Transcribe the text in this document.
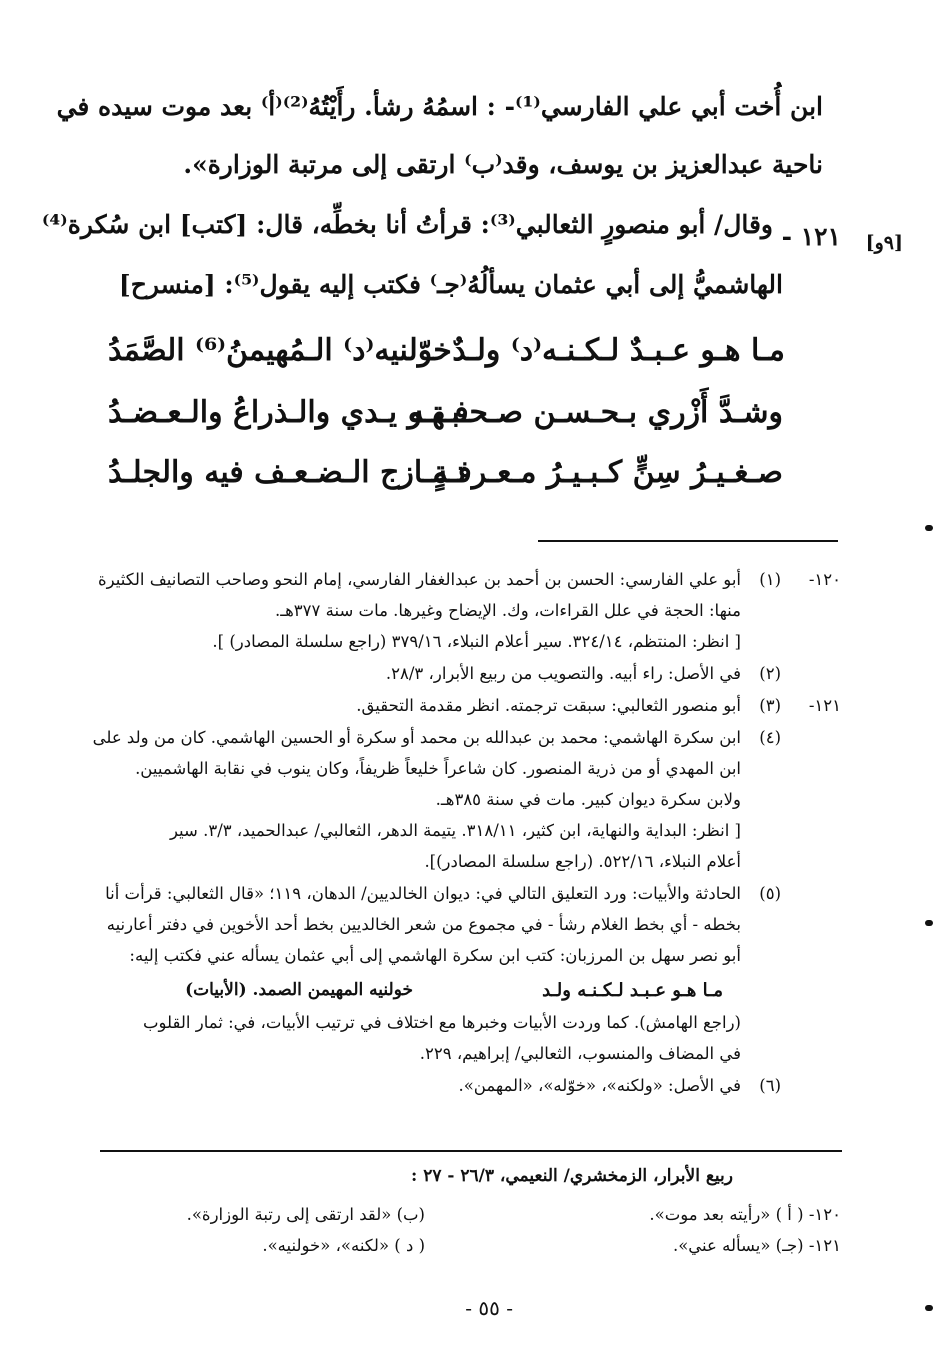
ابن أُخت أبي علي الفارسي⁽¹⁾- : اسمُهُ رشأ. رأَيْتُهُ⁽²⁾⁽أ⁾ بعد موت سيده في
ناحية عبدالعزيز بن يوسف، وقد⁽ب⁾ ارتقى إلى مرتبة الوزارة».
[٩و]
١٢١ -
وقال/ أبو منصورٍ الثعالبي⁽³⁾: قرأتُ أنا بخطِّه، قال: [كتب] ابن سُكرة⁽⁴⁾
الهاشميُّ إلى أبي عثمان يسألُهُ⁽جـ⁾ فكتب إليه يقول⁽⁵⁾: [منسرح]
مـا هـو عـبـدٌ لـكـنـه⁽د⁾ ولـدٌ
خوّلنيه⁽د⁾ الـمُهيمنُ⁽⁶⁾ الصَّمَدُ
وشـدَّ أَزْري بـحـسـن صـحـبـتـه
فـهـو يـدي والـذراعُ والـعـضـدُ
صـغـيـرُ سِنٍّ كـبـيـرُ مـعـرفـةٍ
تـمـازج الـضـعـف فيه والجلـدُ
١٢٠-
(١)
أبو علي الفارسي: الحسن بن أحمد بن عبدالغفار الفارسي، إمام النحو وصاحب التصانيف الكثيرة
منها: الحجة في علل القراءات، وك. الإيضاح وغيرها. مات سنة ٣٧٧هـ.
[ انظر: المنتظم، ٣٢٤/١٤. سير أعلام النبلاء، ٣٧٩/١٦ (راجع سلسلة المصادر) ].
(٢)
في الأصل: راء أبيه. والتصويب من ربيع الأبرار، ٢٨/٣.
١٢١-
(٣)
أبو منصور الثعالبي: سبقت ترجمته. انظر مقدمة التحقيق.
(٤)
ابن سكرة الهاشمي: محمد بن عبدالله بن محمد أو سكرة أو الحسين الهاشمي. كان من ولد على
ابن المهدي أو من ذرية المنصور. كان شاعراً خليعاً ظريفاً، وكان ينوب في نقابة الهاشميين.
ولابن سكرة ديوان كبير. مات في سنة ٣٨٥هـ.
[ انظر: البداية والنهاية، ابن كثير، ٣١٨/١١. يتيمة الدهر، الثعالبي/ عبدالحميد، ٣/٣. سير
أعلام النبلاء، ٥٢٢/١٦. (راجع سلسلة المصادر)].
(٥)
الحادثة والأبيات: ورد التعليق التالي في: ديوان الخالديين/ الدهان، ١١٩؛ «قال الثعالبي: قرأت أنا
بخطه - أي بخط الغلام رشأ - في مجموع من شعر الخالديين بخط أحد الأخوين في دفتر أعارنيه
أبو نصر سهل بن المرزبان: كتب ابن سكرة الهاشمي إلى أبي عثمان يسأله عني فكتب إليه:
مـا هـو عـبـد لـكـنـه ولـد
خولنيه المهيمن الصمد. (الأبيات)
(راجع الهامش). كما وردت الأبيات وخبرها مع اختلاف في ترتيب الأبيات، في: ثمار القلوب
في المضاف والمنسوب، الثعالبي/ إبراهيم، ٢٢٩.
(٦)
في الأصل: «ولكنه»، «خوّله»، «المهمن».
ربيع الأبرار، الزمخشري/ النعيمي، ٢٦/٣ - ٢٧ :
١٢٠- ( أ ) «رأيته بعد موت».
(ب) «لقد ارتقى إلى رتبة الوزارة».
١٢١- (جـ) «يسأله عني».
( د ) «لكنه»، «خولنيه».
- ٥٥ -
